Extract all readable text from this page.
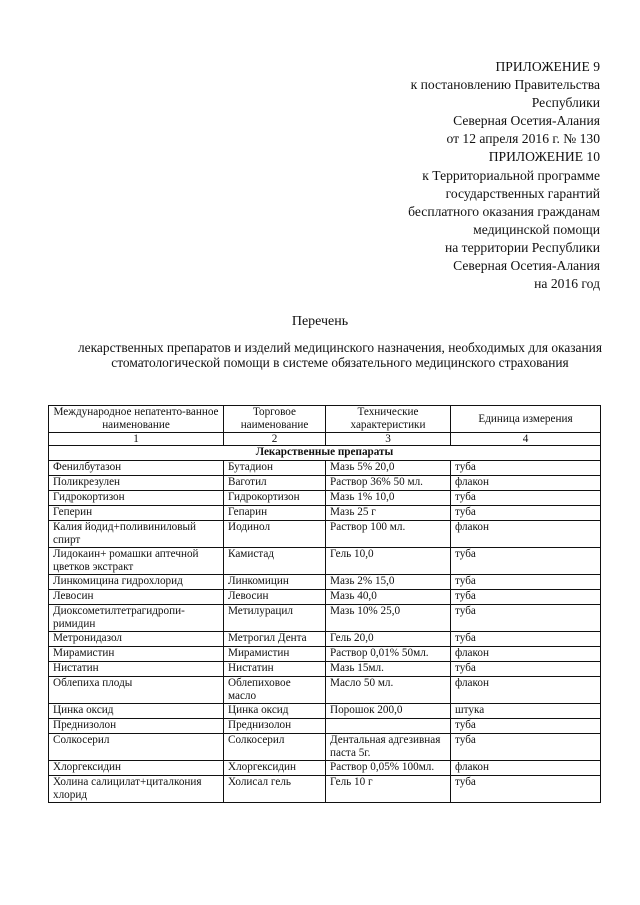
ПРИЛОЖЕНИЕ 9
к постановлению Правительства
Республики
Северная Осетия-Алания
от 12 апреля 2016 г. № 130
ПРИЛОЖЕНИЕ 10
к Территориальной программе
государственных гарантий
бесплатного оказания гражданам
медицинской помощи
на территории Республики
Северная Осетия-Алания
на 2016 год
Перечень
лекарственных препаратов и изделий медицинского назначения, необходимых для оказания стоматологической помощи в системе обязательного медицинского страхования
Международное непатенто-ванное наименование	Торговое наименование	Технические характеристики	Единица измерения
1	2	3	4
Лекарственные препараты			
Фенилбутазон	Бутадион	Мазь 5% 20,0	туба
Поликрезулен	Ваготил	Раствор 36% 50 мл.	флакон
Гидрокортизон	Гидрокортизон	Мазь 1% 10,0	туба
Геперин	Гепарин	Мазь 25 г	туба
Калия йодид+поливиниловый спирт	Иодинол	Раствор 100 мл.	флакон
Лидокаин+ ромашки аптечной цветков экстракт	Камистад	Гель 10,0	туба
Линкомицина гидрохлорид	Линкомицин	Мазь 2% 15,0	туба
Левосин	Левосин	Мазь 40,0	туба
Диоксометилтетрагидропи-римидин	Метилурацил	Мазь 10% 25,0	туба
Метронидазол	Метрогил Дента	Гель 20,0	туба
Мирамистин	Мирамистин	Раствор 0,01% 50мл.	флакон
Нистатин	Нистатин	Мазь 15мл.	туба
Облепиха плоды	Облепиховое масло	Масло 50 мл.	флакон
Цинка оксид	Цинка оксид	Порошок 200,0	штука
Преднизолон	Преднизолон		туба
Солкосерил	Солкосерил	Дентальная адгезивная паста 5г.	туба
Хлоргексидин	Хлоргексидин	Раствор 0,05% 100мл.	флакон
Холина салицилат+циталкония хлорид	Холисал гель	Гель 10 г	туба
